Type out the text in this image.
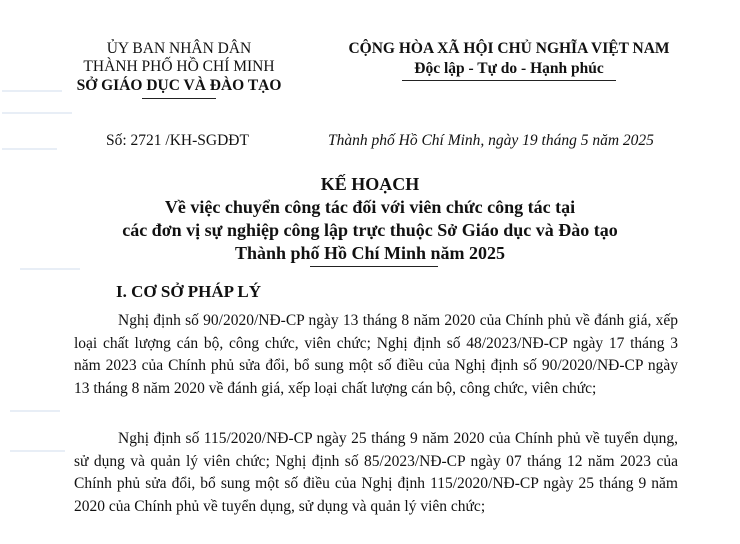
ỦY BAN NHÂN DÂN
THÀNH PHỐ HỒ CHÍ MINH
SỞ GIÁO DỤC VÀ ĐÀO TẠO
Số: 2721 /KH-SGDĐT
CỘNG HÒA XÃ HỘI CHỦ NGHĨA VIỆT NAM
Độc lập - Tự do - Hạnh phúc
Thành phố Hồ Chí Minh, ngày 19 tháng 5 năm 2025
KẾ HOẠCH
Về việc chuyển công tác đối với viên chức công tác tại
các đơn vị sự nghiệp công lập trực thuộc Sở Giáo dục và Đào tạo
Thành phố Hồ Chí Minh năm 2025
I. CƠ SỞ PHÁP LÝ
Nghị định số 90/2020/NĐ-CP ngày 13 tháng 8 năm 2020 của Chính phủ về đánh giá, xếp loại chất lượng cán bộ, công chức, viên chức; Nghị định số 48/2023/NĐ-CP ngày 17 tháng 3 năm 2023 của Chính phủ sửa đổi, bổ sung một số điều của Nghị định số 90/2020/NĐ-CP ngày 13 tháng 8 năm 2020 về đánh giá, xếp loại chất lượng cán bộ, công chức, viên chức;
Nghị định số 115/2020/NĐ-CP ngày 25 tháng 9 năm 2020 của Chính phủ về tuyển dụng, sử dụng và quản lý viên chức; Nghị định số 85/2023/NĐ-CP ngày 07 tháng 12 năm 2023 của Chính phủ sửa đổi, bổ sung một số điều của Nghị định 115/2020/NĐ-CP ngày 25 tháng 9 năm 2020 của Chính phủ về tuyển dụng, sử dụng và quản lý viên chức;
